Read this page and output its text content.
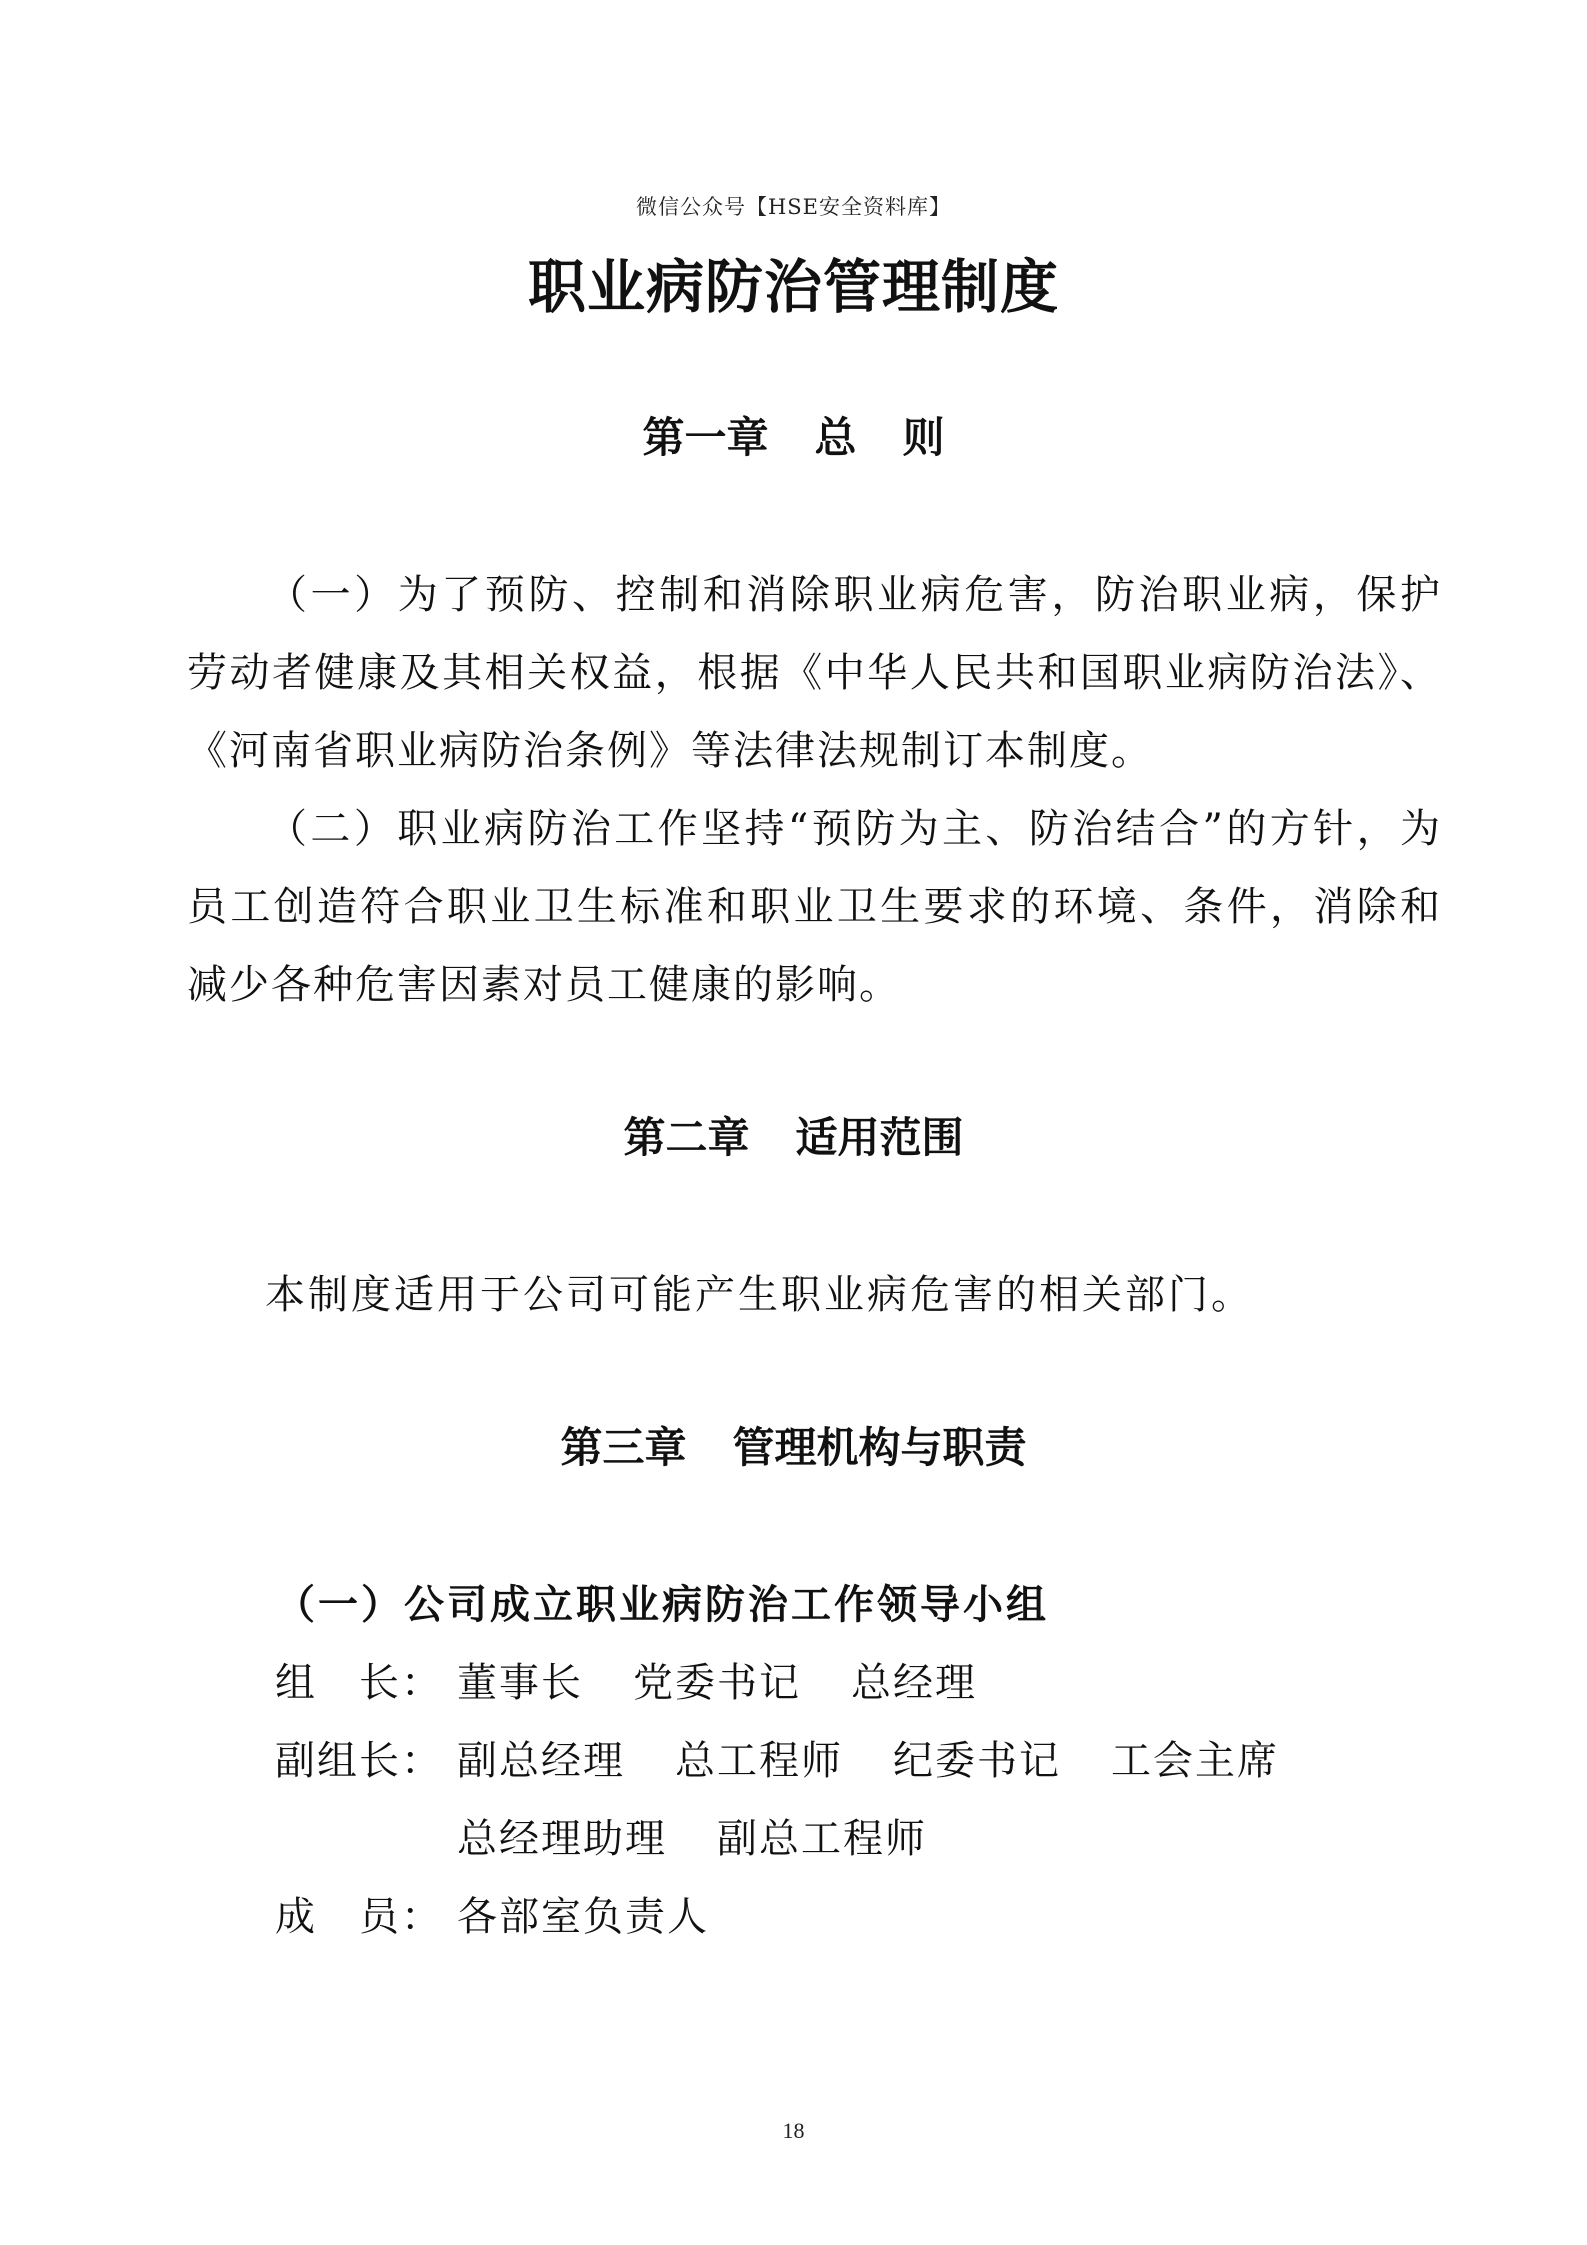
微信公众号【HSE安全资料库】
职业病防治管理制度
第一章 总 则

（一）为了预防、控制和消除职业病危害，防治职业病，保护劳动者健康及其相关权益，根据《中华人民共和国职业病防治法》、《河南省职业病防治条例》等法律法规制订本制度。

（二）职业病防治工作坚持“预防为主、防治结合”的方针，为员工创造符合职业卫生标准和职业卫生要求的环境、条件，消除和减少各种危害因素对员工健康的影响。

第二章 适用范围
本制度适用于公司可能产生职业病危害的相关部门。
第三章 管理机构与职责
（一）公司成立职业病防治工作领导小组
组　长： 董事长 党委书记 总经理
副组长： 副总经理 总工程师 纪委书记 工会主席
总经理助理 副总工程师
成　员： 各部室负责人
18
